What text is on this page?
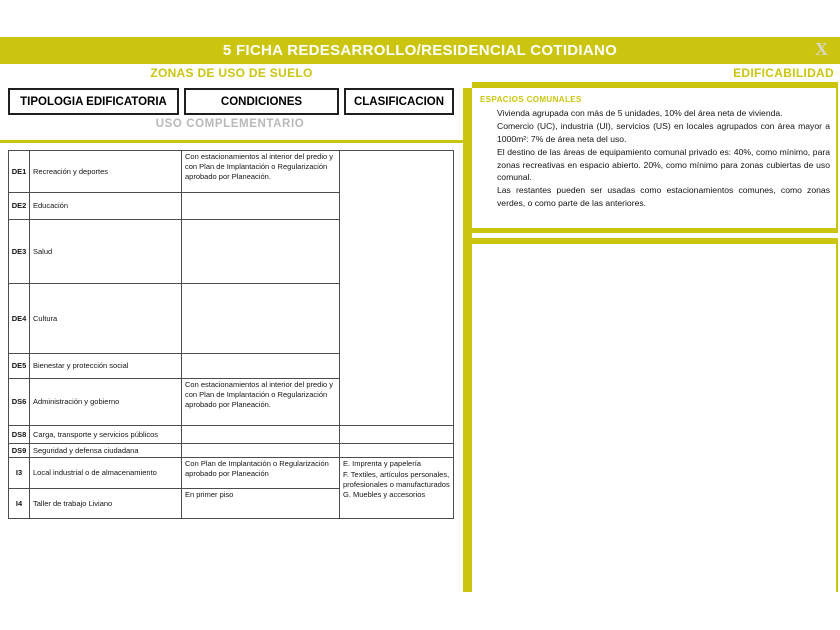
5 FICHA REDESARROLLO/RESIDENCIAL COTIDIANO	X
ZONAS DE USO DE SUELO	EDIFICABILIDAD
TIPOLOGIA EDIFICATORIA	CONDICIONES	CLASIFICACION
USO COMPLEMENTARIO
DE1	Recreación y deportes	Con estacionamientos al interior del predio y con Plan de Implantación o Regularización aprobado por Planeación.	
DE2	Educación		
DE3	Salud		
DE4	Cultura		
DE5	Bienestar y protección social		
DS6	Administración y gobierno	Con estacionamientos al interior del predio y con Plan de Implantación o Regularización aprobado por Planeación.	
DS8	Carga, transporte y servicios públicos		
DS9	Seguridad y defensa ciudadana		
I3	Local industrial o de almacenamiento	Con Plan de Implantación o Regularización aprobado por Planeación	E. Imprenta y papelería
F. Textiles, artículos personales, profesionales o manufacturados
G. Muebles y accesorios

I4	Taller de trabajo Liviano	En primer piso	
ESPACIOS COMUNALES

Vivienda agrupada con más de 5 unidades, 10% del área neta de vivienda.

Comercio (UC), industria (UI), servicios (US) en locales agrupados con área mayor a 1000m²: 7% de área neta del uso.

El destino de las áreas de equipamiento comunal privado es: 40%, como mínimo, para zonas recreativas en espacio abierto. 20%, como mínimo para zonas cubiertas de uso comunal.

Las restantes pueden ser usadas como estacionamientos comunes, como zonas verdes, o como parte de las anteriores.
